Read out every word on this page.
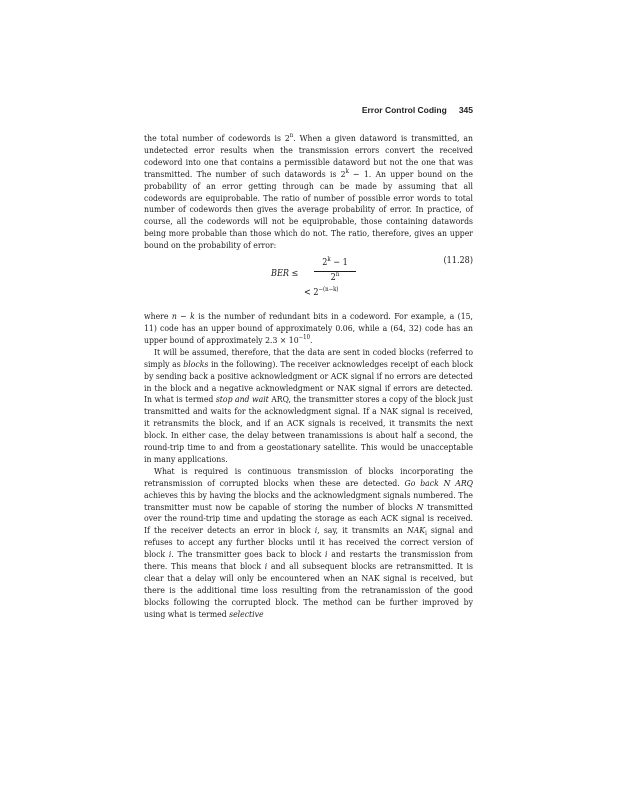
Error Control Coding 345

the total number of codewords is 2$^n$. When a given dataword is transmitted, an undetected error results when the transmission errors convert the received codeword into one that contains a permissible dataword but not the one that was transmitted. The number of such datawords is $2^k - 1$. An upper bound on the probability of an error getting through can be made by assuming that all codewords are equiprobable. The ratio of number of possible error words to total number of codewords then gives the average probability of error. In practice, of course, all the codewords will not be equiprobable, those containing datawords being more probable than those which do not. The ratio, therefore, gives an upper bound on the probability of error:

BER ≤ $\frac{2^k - 1}{2^n}$
< $2^{-(n-k)}$
(11.28)

where n − k is the number of redundant bits in a codeword. For example, a (15, 11) code has an upper bound of approximately 0.06, while a (64, 32) code has an upper bound of approximately $2.3 \times 10^{-10}$.

It will be assumed, therefore, that the data are sent in coded blocks (referred to simply as blocks in the following). The receiver acknowledges receipt of each block by sending back a positive acknowledgment or ACK signal if no errors are detected in the block and a negative acknowledgment or NAK signal if errors are detected. In what is termed stop and wait ARQ, the transmitter stores a copy of the block just transmitted and waits for the acknowledgment signal. If a NAK signal is received, it retransmits the block, and if an ACK signals is received, it transmits the next block. In either case, the delay between tranamissions is about half a second, the round-trip time to and from a geostationary satellite. This would be unacceptable in many applications.

What is required is continuous transmission of blocks incorporating the retransmission of corrupted blocks when these are detected. Go back N ARQ achieves this by having the blocks and the acknowledgment signals numbered. The transmitter must now be capable of storing the number of blocks N transmitted over the round-trip time and updating the storage as each ACK signal is received. If the receiver detects an error in block i, say, it transmits an $NAK_i$ signal and refuses to accept any further blocks until it has received the correct version of block i. The transmitter goes back to block i and restarts the transmission from there. This means that block i and all subsequent blocks are retransmitted. It is clear that a delay will only be encountered when an NAK signal is received, but there is the additional time loss resulting from the retranamission of the good blocks following the corrupted block. The method can be further improved by using what is termed selective
